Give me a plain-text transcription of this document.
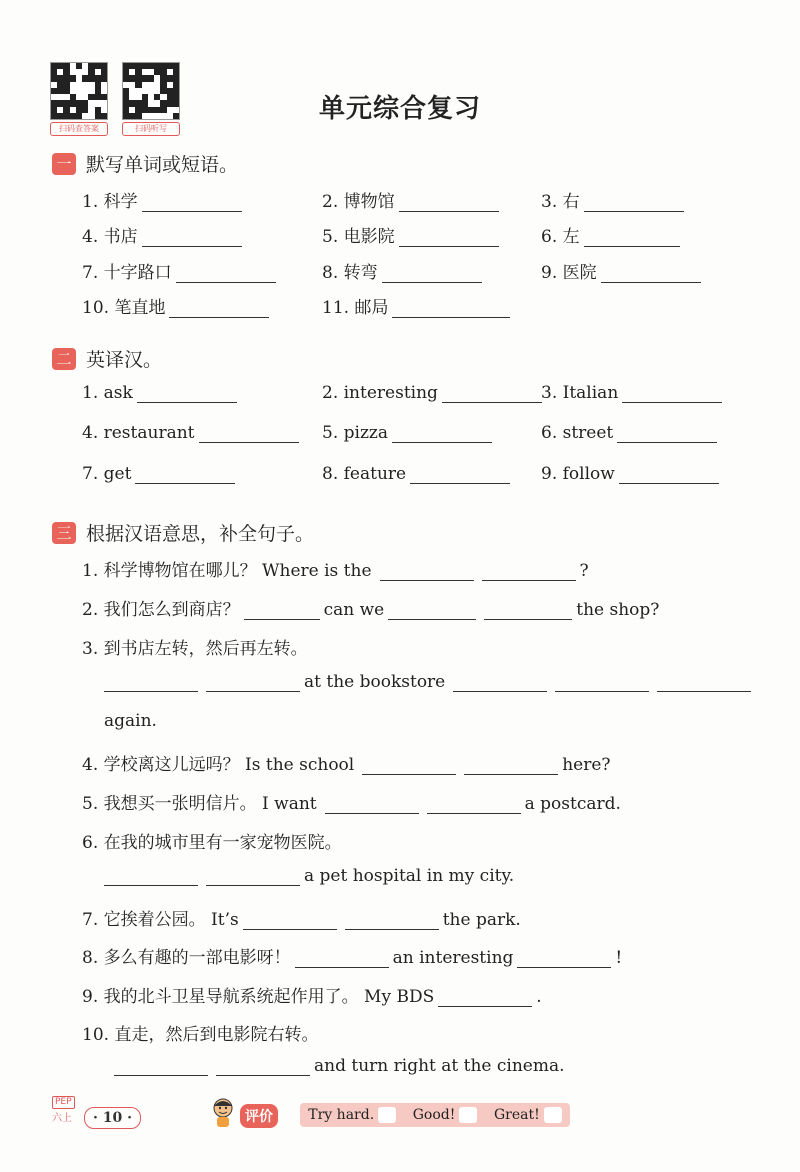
扫码查答案	扫码听写
单元综合复习
一 默写单词或短语。
1. 科学	2. 博物馆	3. 右
4. 书店	5. 电影院	6. 左
7. 十字路口	8. 转弯	9. 医院
10. 笔直地	11. 邮局
二 英译汉。
1. ask	2. interesting	3. Italian
4. restaurant	5. pizza	6. street
7. get	8. feature	9. follow
三 根据汉语意思，补全句子。
1. 科学博物馆在哪儿？
Where is the	?
2. 我们怎么到商店？	can we	the shop?
3. 到书店左转，然后再左转。
at the bookstore
again.
4. 学校离这儿远吗？
Is the school	here?
5. 我想买一张明信片。
I want	a postcard.
6. 在我的城市里有一家宠物医院。
a pet hospital in my city.
7. 它挨着公园。
It’s	the park.
8. 多么有趣的一部电影呀！	an interesting	!
9. 我的北斗卫星导航系统起作用了。
My BDS	.
10. 直走，然后到电影院右转。
and turn right at the cinema.
PEP
六上	· 10 ·	评价	Try hard.	Good!	Great!
